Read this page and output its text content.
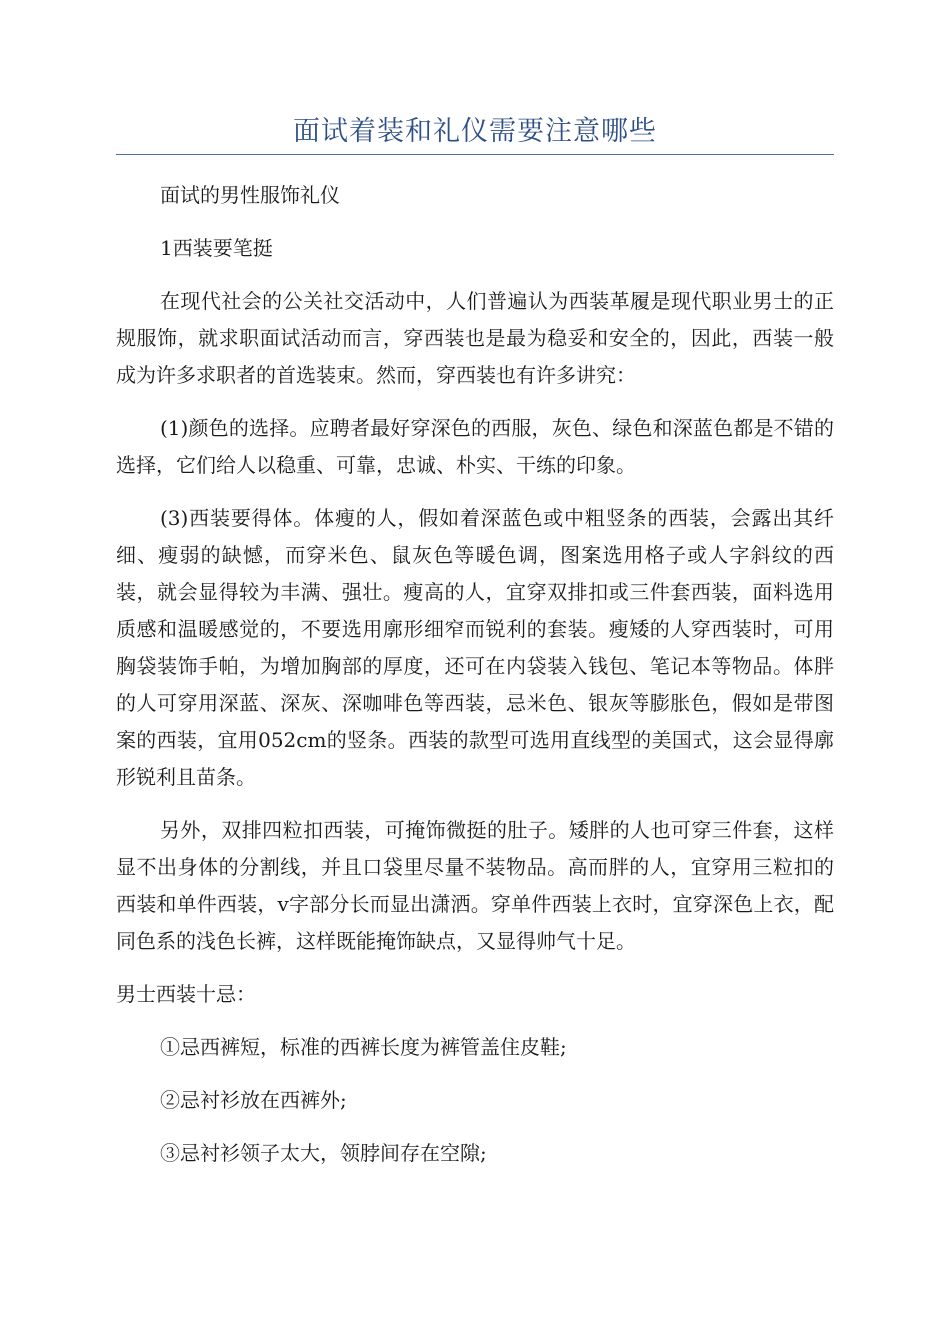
面试着装和礼仪需要注意哪些

面试的男性服饰礼仪

1西装要笔挺

在现代社会的公关社交活动中，人们普遍认为西装革履是现代职业男士的正规服饰，就求职面试活动而言，穿西装也是最为稳妥和安全的，因此，西装一般成为许多求职者的首选装束。然而，穿西装也有许多讲究：

(1)颜色的选择。应聘者最好穿深色的西服，灰色、绿色和深蓝色都是不错的选择，它们给人以稳重、可靠，忠诚、朴实、干练的印象。

(3)西装要得体。体瘦的人，假如着深蓝色或中粗竖条的西装，会露出其纤细、瘦弱的缺憾，而穿米色、鼠灰色等暖色调，图案选用格子或人字斜纹的西装，就会显得较为丰满、强壮。瘦高的人，宜穿双排扣或三件套西装，面料选用质感和温暖感觉的，不要选用廓形细窄而锐利的套装。瘦矮的人穿西装时，可用胸袋装饰手帕，为增加胸部的厚度，还可在内袋装入钱包、笔记本等物品。体胖的人可穿用深蓝、深灰、深咖啡色等西装，忌米色、银灰等膨胀色，假如是带图案的西装，宜用052cm的竖条。西装的款型可选用直线型的美国式，这会显得廓形锐利且苗条。

另外，双排四粒扣西装，可掩饰微挺的肚子。矮胖的人也可穿三件套，这样显不出身体的分割线，并且口袋里尽量不装物品。高而胖的人，宜穿用三粒扣的西装和单件西装，v字部分长而显出潇洒。穿单件西装上衣时，宜穿深色上衣，配同色系的浅色长裤，这样既能掩饰缺点，又显得帅气十足。

男士西装十忌：

①忌西裤短，标准的西裤长度为裤管盖住皮鞋;

②忌衬衫放在西裤外;

③忌衬衫领子太大，领脖间存在空隙;
